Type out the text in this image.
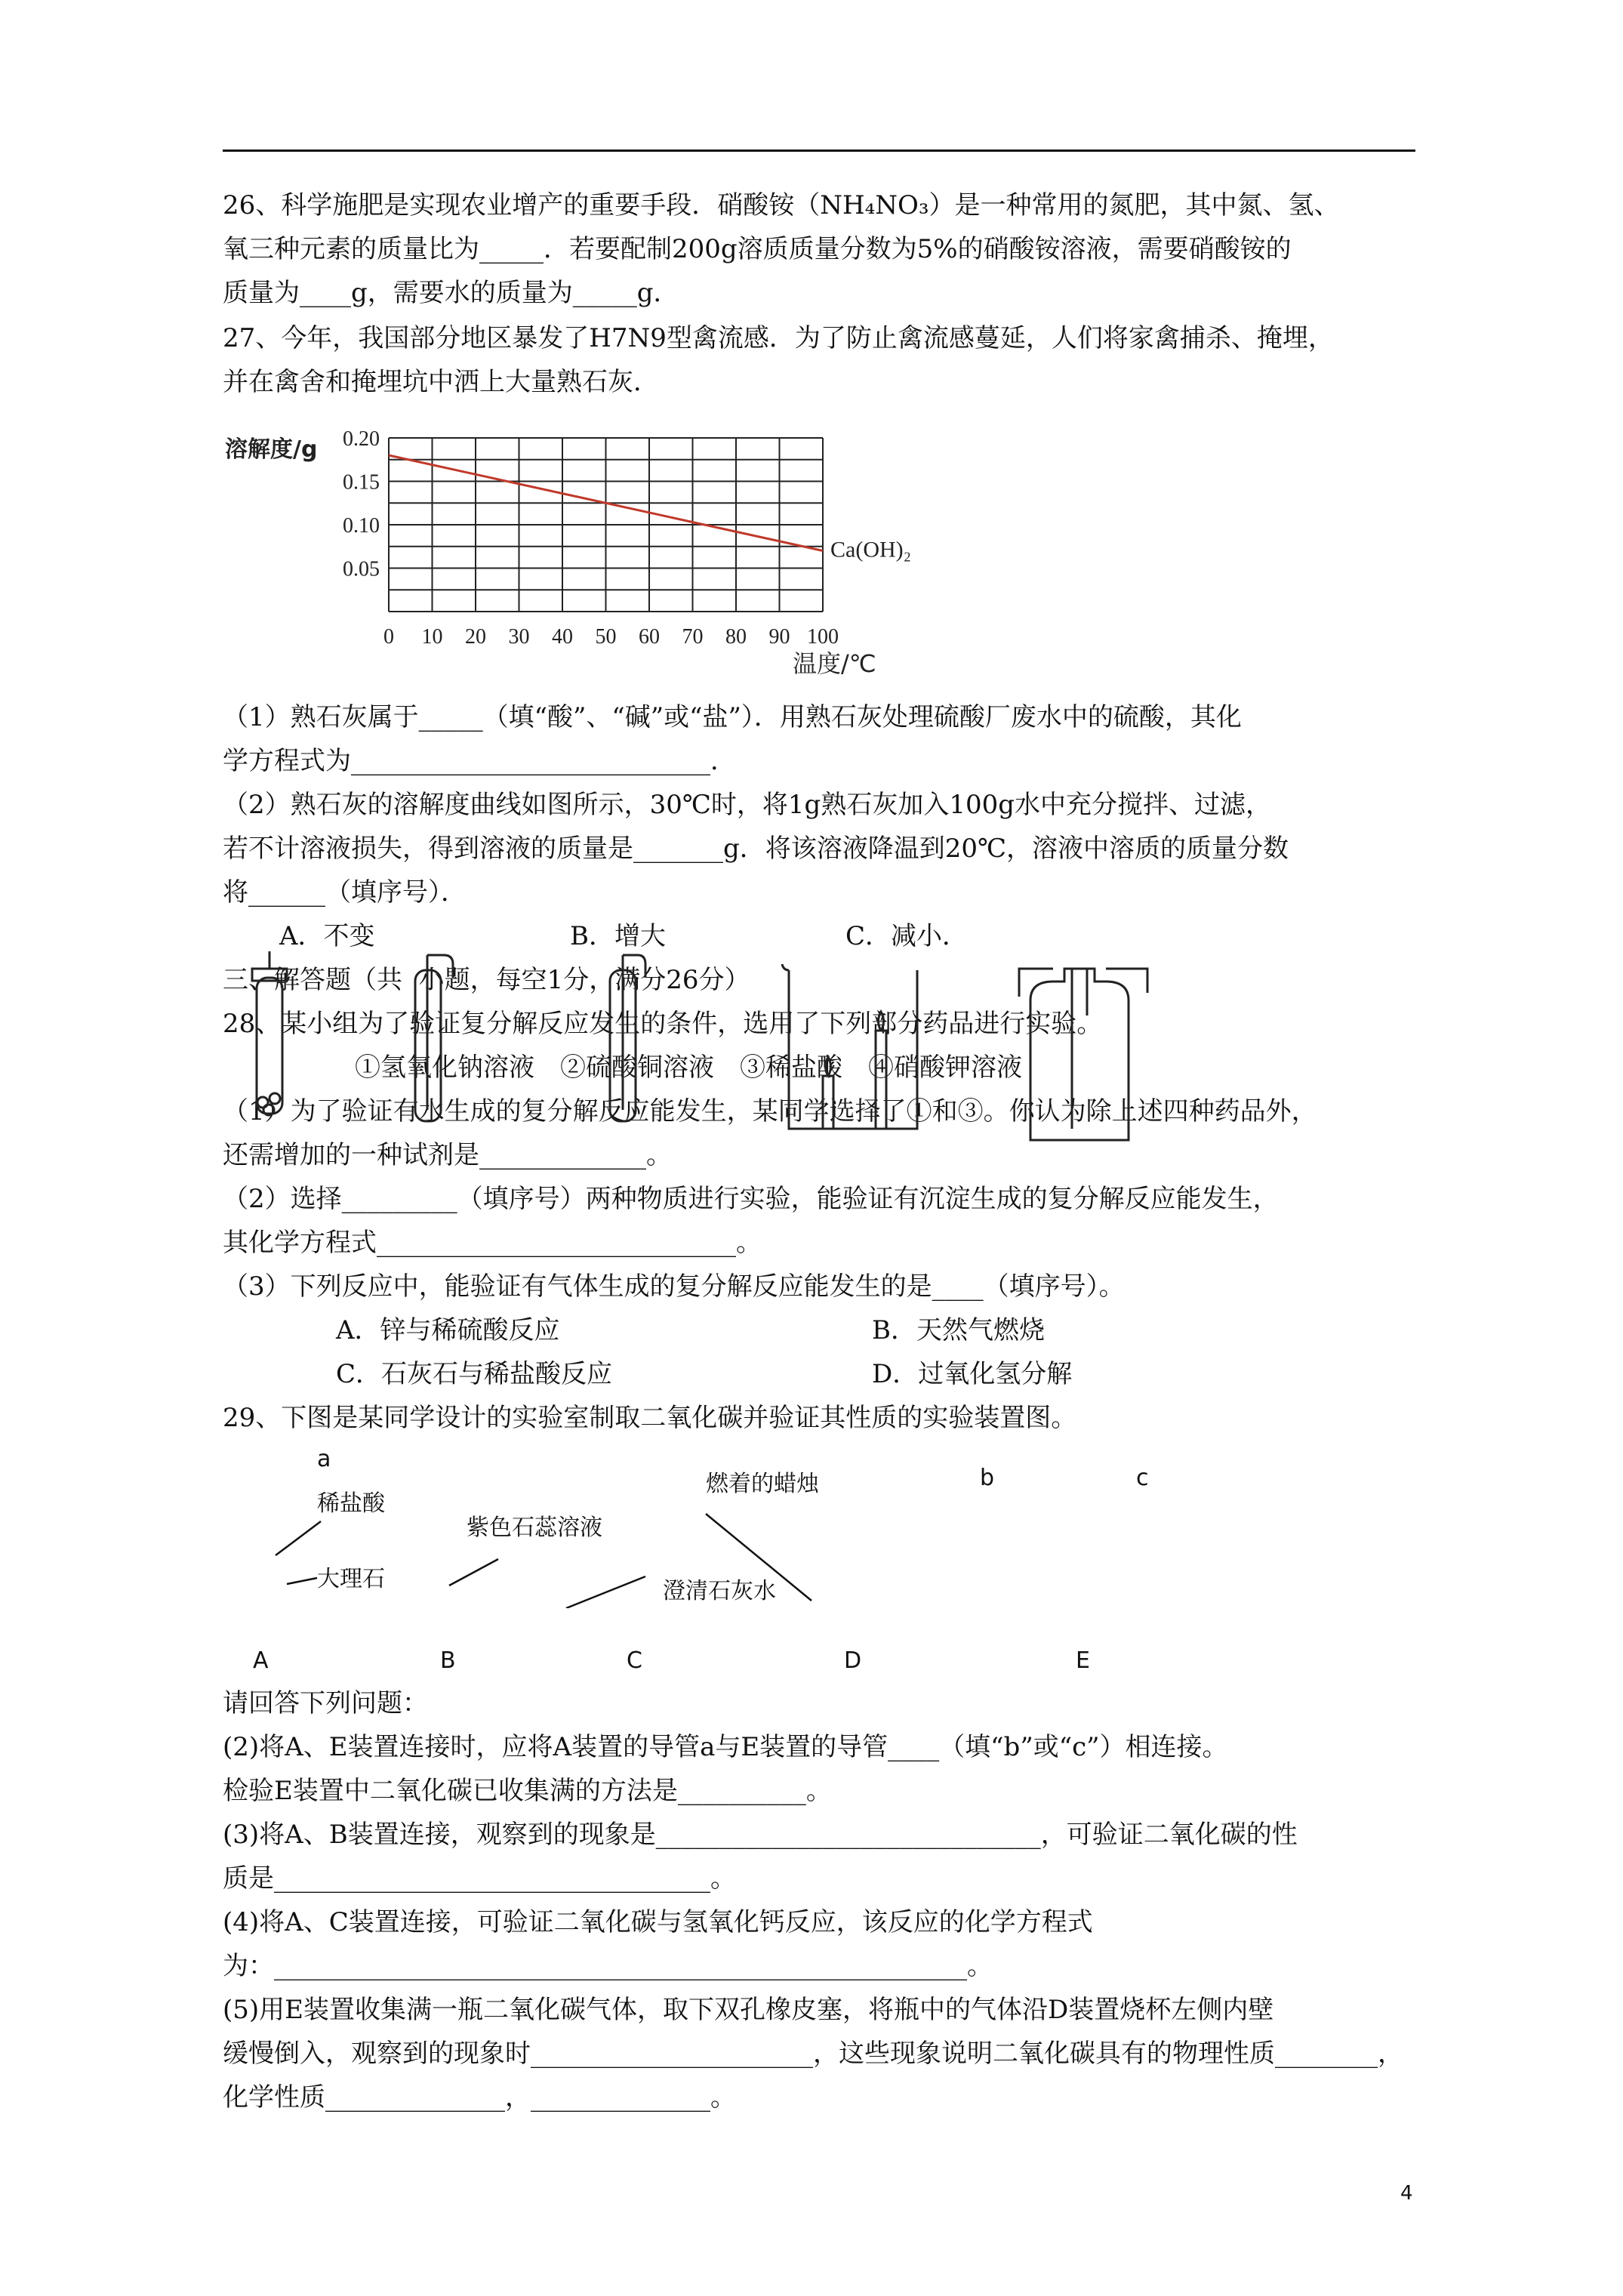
26、科学施肥是实现农业增产的重要手段．硝酸铵（NH₄NO₃）是一种常用的氮肥，其中氮、氢、
氧三种元素的质量比为_____．若要配制200g溶质质量分数为5%的硝酸铵溶液，需要硝酸铵的
质量为____g，需要水的质量为_____g．
27、今年，我国部分地区暴发了H7N9型禽流感．为了防止禽流感蔓延，人们将家禽捕杀、掩埋，
并在禽舍和掩埋坑中洒上大量熟石灰．
0.20
0.15
0.10
0.05
0 10 20 30 40 50 60 70 80 90 100
溶解度/g
温度/℃
Ca(OH)₂
（1）熟石灰属于_____（填“酸”、“碱”或“盐”）．用熟石灰处理硫酸厂废水中的硫酸，其化
学方程式为____________________________．
（2）熟石灰的溶解度曲线如图所示，30℃时，将1g熟石灰加入100g水中充分搅拌、过滤，
若不计溶液损失，得到溶液的质量是_______g．将该溶液降温到20℃，溶液中溶质的质量分数
将______（填序号）．
A．不变	B．增大	C．减小．
三、解答题（共  小题，每空1分，满分26分）
28、某小组为了验证复分解反应发生的条件，选用了下列部分药品进行实验。
①氢氧化钠溶液　②硫酸铜溶液　③稀盐酸　④硝酸钾溶液
（1）为了验证有水生成的复分解反应能发生，某同学选择了①和③。你认为除上述四种药品外，
还需增加的一种试剂是_____________。
（2）选择_________（填序号）两种物质进行实验，能验证有沉淀生成的复分解反应能发生，
其化学方程式____________________________。
（3）下列反应中，能验证有气体生成的复分解反应能发生的是____（填序号）。
A．锌与稀硫酸反应	B．天然气燃烧
C．石灰石与稀盐酸反应	D．过氧化氢分解
29、下图是某同学设计的实验室制取二氧化碳并验证其性质的实验装置图。
a
稀盐酸
大理石
紫色石蕊溶液
燃着的蜡烛
澄清石灰水
b	c
A	B	C	D	E
请回答下列问题：
(2)将A、E装置连接时，应将A装置的导管a与E装置的导管____（填“b”或“c”）相连接。
检验E装置中二氧化碳已收集满的方法是__________。
(3)将A、B装置连接，观察到的现象是______________________________，可验证二氧化碳的性
质是__________________________________。
(4)将A、C装置连接，可验证二氧化碳与氢氧化钙反应，该反应的化学方程式
为：______________________________________________________。
(5)用E装置收集满一瓶二氧化碳气体，取下双孔橡皮塞，将瓶中的气体沿D装置烧杯左侧内壁
缓慢倒入，观察到的现象时______________________，这些现象说明二氧化碳具有的物理性质________，
化学性质______________，______________。
4
